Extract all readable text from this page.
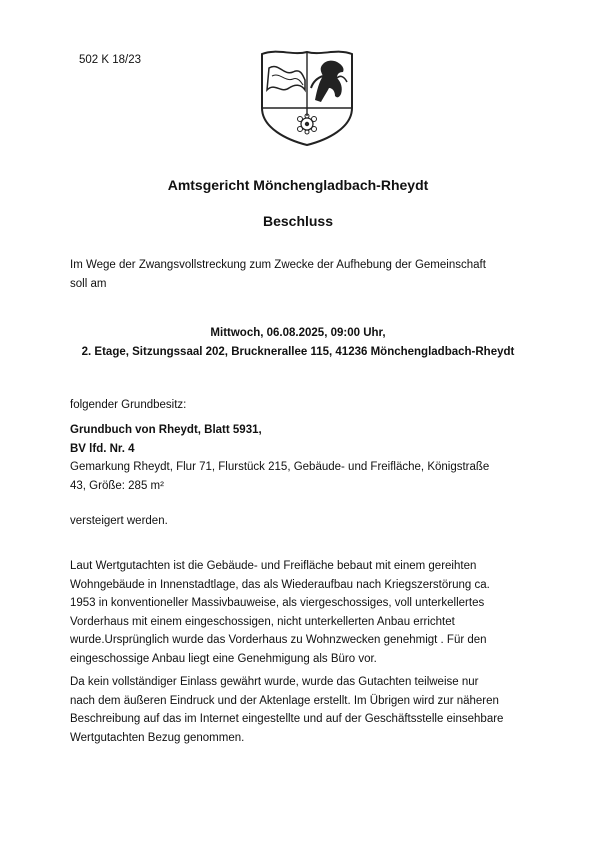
502 K 18/23
Amtsgericht Mönchengladbach-Rheydt
Beschluss
Im Wege der Zwangsvollstreckung zum Zwecke der Aufhebung der Gemeinschaft
soll am
Mittwoch, 06.08.2025, 09:00 Uhr,
2. Etage, Sitzungssaal 202, Brucknerallee 115, 41236 Mönchengladbach-Rheydt
folgender Grundbesitz:
Grundbuch von Rheydt, Blatt 5931,
BV lfd. Nr. 4
Gemarkung Rheydt, Flur 71, Flurstück 215, Gebäude- und Freifläche, Königstraße
43, Größe: 285 m²
versteigert werden.
Laut Wertgutachten ist die Gebäude- und Freifläche bebaut mit einem gereihten
Wohngebäude in Innenstadtlage, das als Wiederaufbau nach Kriegszerstörung ca.
1953 in konventioneller Massivbauweise, als viergeschossiges, voll unterkellertes
Vorderhaus mit einem eingeschossigen, nicht unterkellerten Anbau errichtet
wurde.Ursprünglich wurde das Vorderhaus zu Wohnzwecken genehmigt . Für den
eingeschossige Anbau liegt eine Genehmigung als Büro vor.
Da kein vollständiger Einlass gewährt wurde, wurde das Gutachten teilweise nur
nach dem äußeren Eindruck und der Aktenlage erstellt. Im Übrigen wird zur näheren
Beschreibung auf das im Internet eingestellte und auf der Geschäftsstelle einsehbare
Wertgutachten Bezug genommen.
